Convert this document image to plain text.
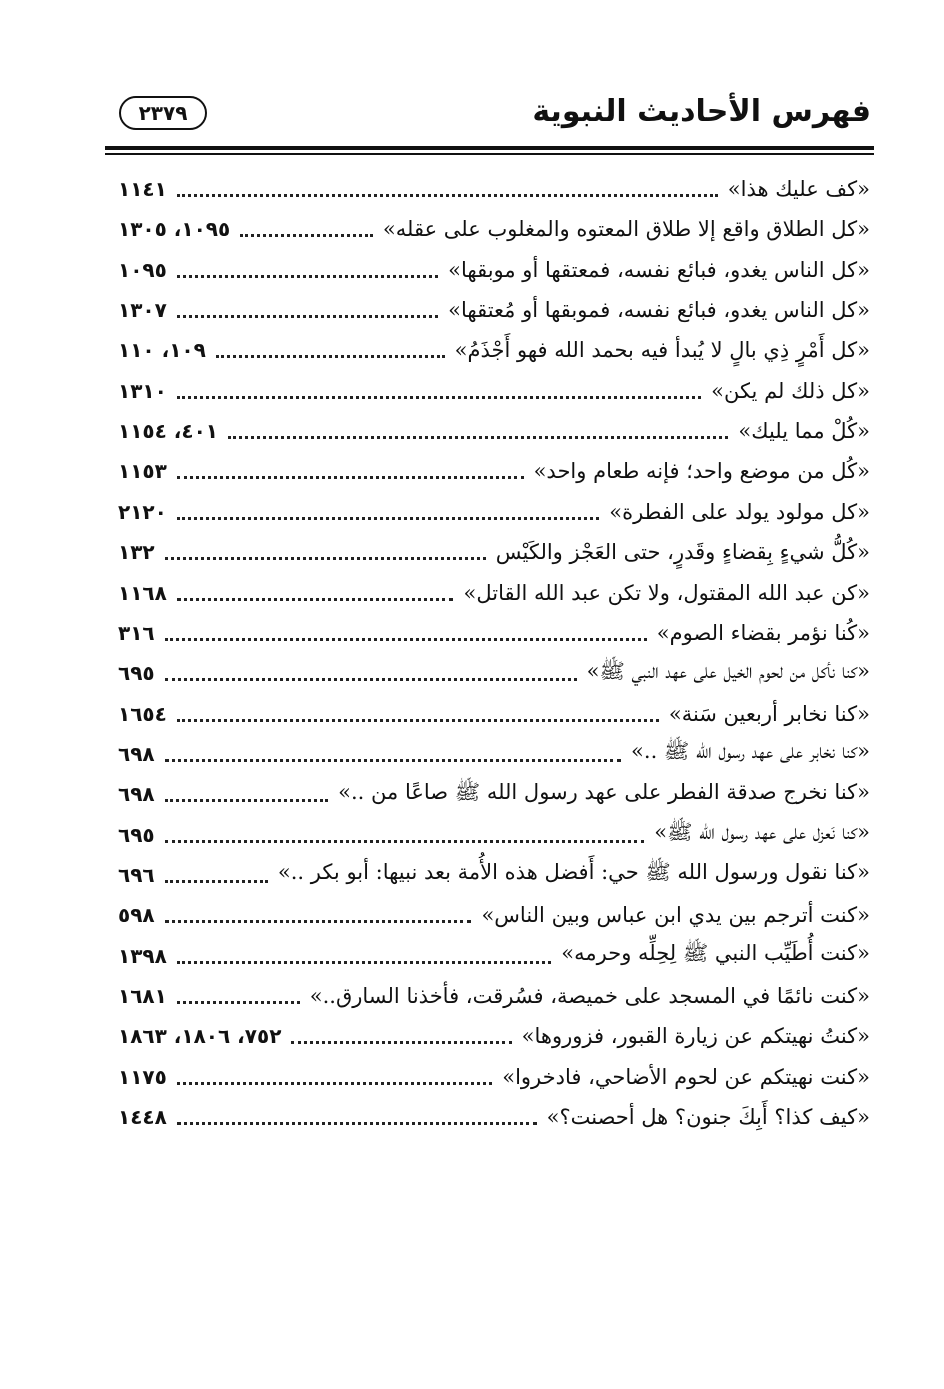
فهرس الأحاديث النبوية
٢٣٧٩
«كف عليك هذا»
١١٤١
«كل الطلاق واقع إلا طلاق المعتوه والمغلوب على عقله»
١٠٩٥، ١٣٠٥
«كل الناس يغدو، فبائع نفسه، فمعتقها أو موبقها»
١٠٩٥
«كل الناس يغدو، فبائع نفسه، فموبقها أو مُعتقها»
١٣٠٧
«كل أَمْرٍ ذِي بالٍ لا يُبدأ فيه بحمد الله فهو أَجْذَمُ»
١٠٩، ١١٠
«كل ذلك لم يكن»
١٣١٠
«كُلْ مما يليك»
٤٠١، ١١٥٤
«كُل من موضع واحد؛ فإنه طعام واحد»
١١٥٣
«كل مولود يولد على الفطرة»
٢١٢٠
«كُلُّ شيءٍ بِقضاءٍ وقَدرٍ، حتى العَجْز والكَيْس
١٣٢
«كن عبد الله المقتول، ولا تكن عبد الله القاتل»
١١٦٨
«كُنا نؤمر بقضاء الصوم»
٣١٦
«كنا نأكل من لحوم الخيل على عهد النبي ﷺ»
٦٩٥
«كنا نخابر أربعين سَنة»
١٦٥٤
«كنا نخابر على عهد رسول الله ﷺ ..»
٦٩٨
«كنا نخرج صدقة الفطر على عهد رسول الله ﷺ صاعًا من ..»
٦٩٨
«كنا نَعزل على عهد رسول الله ﷺ»
٦٩٥
«كنا نقول ورسول الله ﷺ حي: أَفضل هذه الأُمة بعد نبيها: أبو بكر ..»
٦٩٦
«كنت أترجم بين يدي ابن عباس وبين الناس»
٥٩٨
«كنت أُطَيِّب النبي ﷺ لِحِلِّه وحرمه»
١٣٩٨
«كنت نائمًا في المسجد على خميصة، فسُرقت، فأخذنا السارق..»
١٦٨١
«كنتُ نهيتكم عن زيارة القبور، فزوروها»
٧٥٢، ١٨٠٦، ١٨٦٣
«كنت نهيتكم عن لحوم الأضاحي، فادخروا»
١١٧٥
«كيف كذا؟ أَبِكَ جنون؟ هل أحصنت؟»
١٤٤٨
